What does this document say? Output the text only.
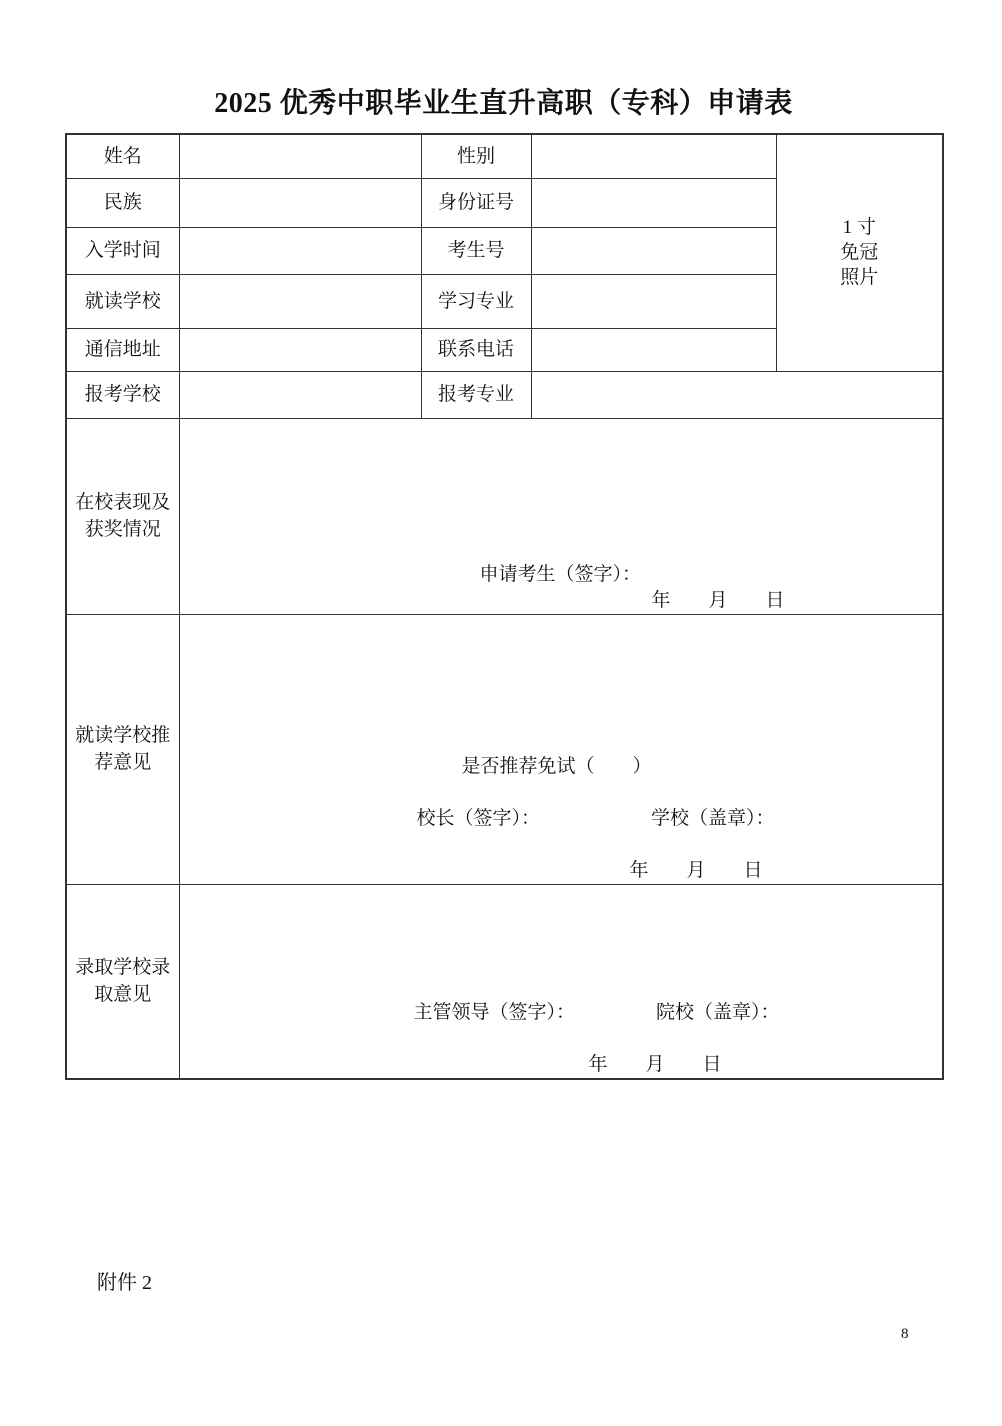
2025 优秀中职毕业生直升高职（专科）申请表
姓名		性别		1 寸
免冠
照片

民族		身份证号		
入学时间		考生号		
就读学校		学习专业		
通信地址		联系电话		
报考学校		报考专业		
在校表现及
获奖情况	
申请考生（签字）：
年　　月　　日

就读学校推
荐意见	是否推荐免试（　　）

校长（签字）：	学校（盖章）：

年　　月　　日

录取学校录
取意见	

主管领导（签字）：	院校（盖章）：

年　　月　　日
附件 2
8
